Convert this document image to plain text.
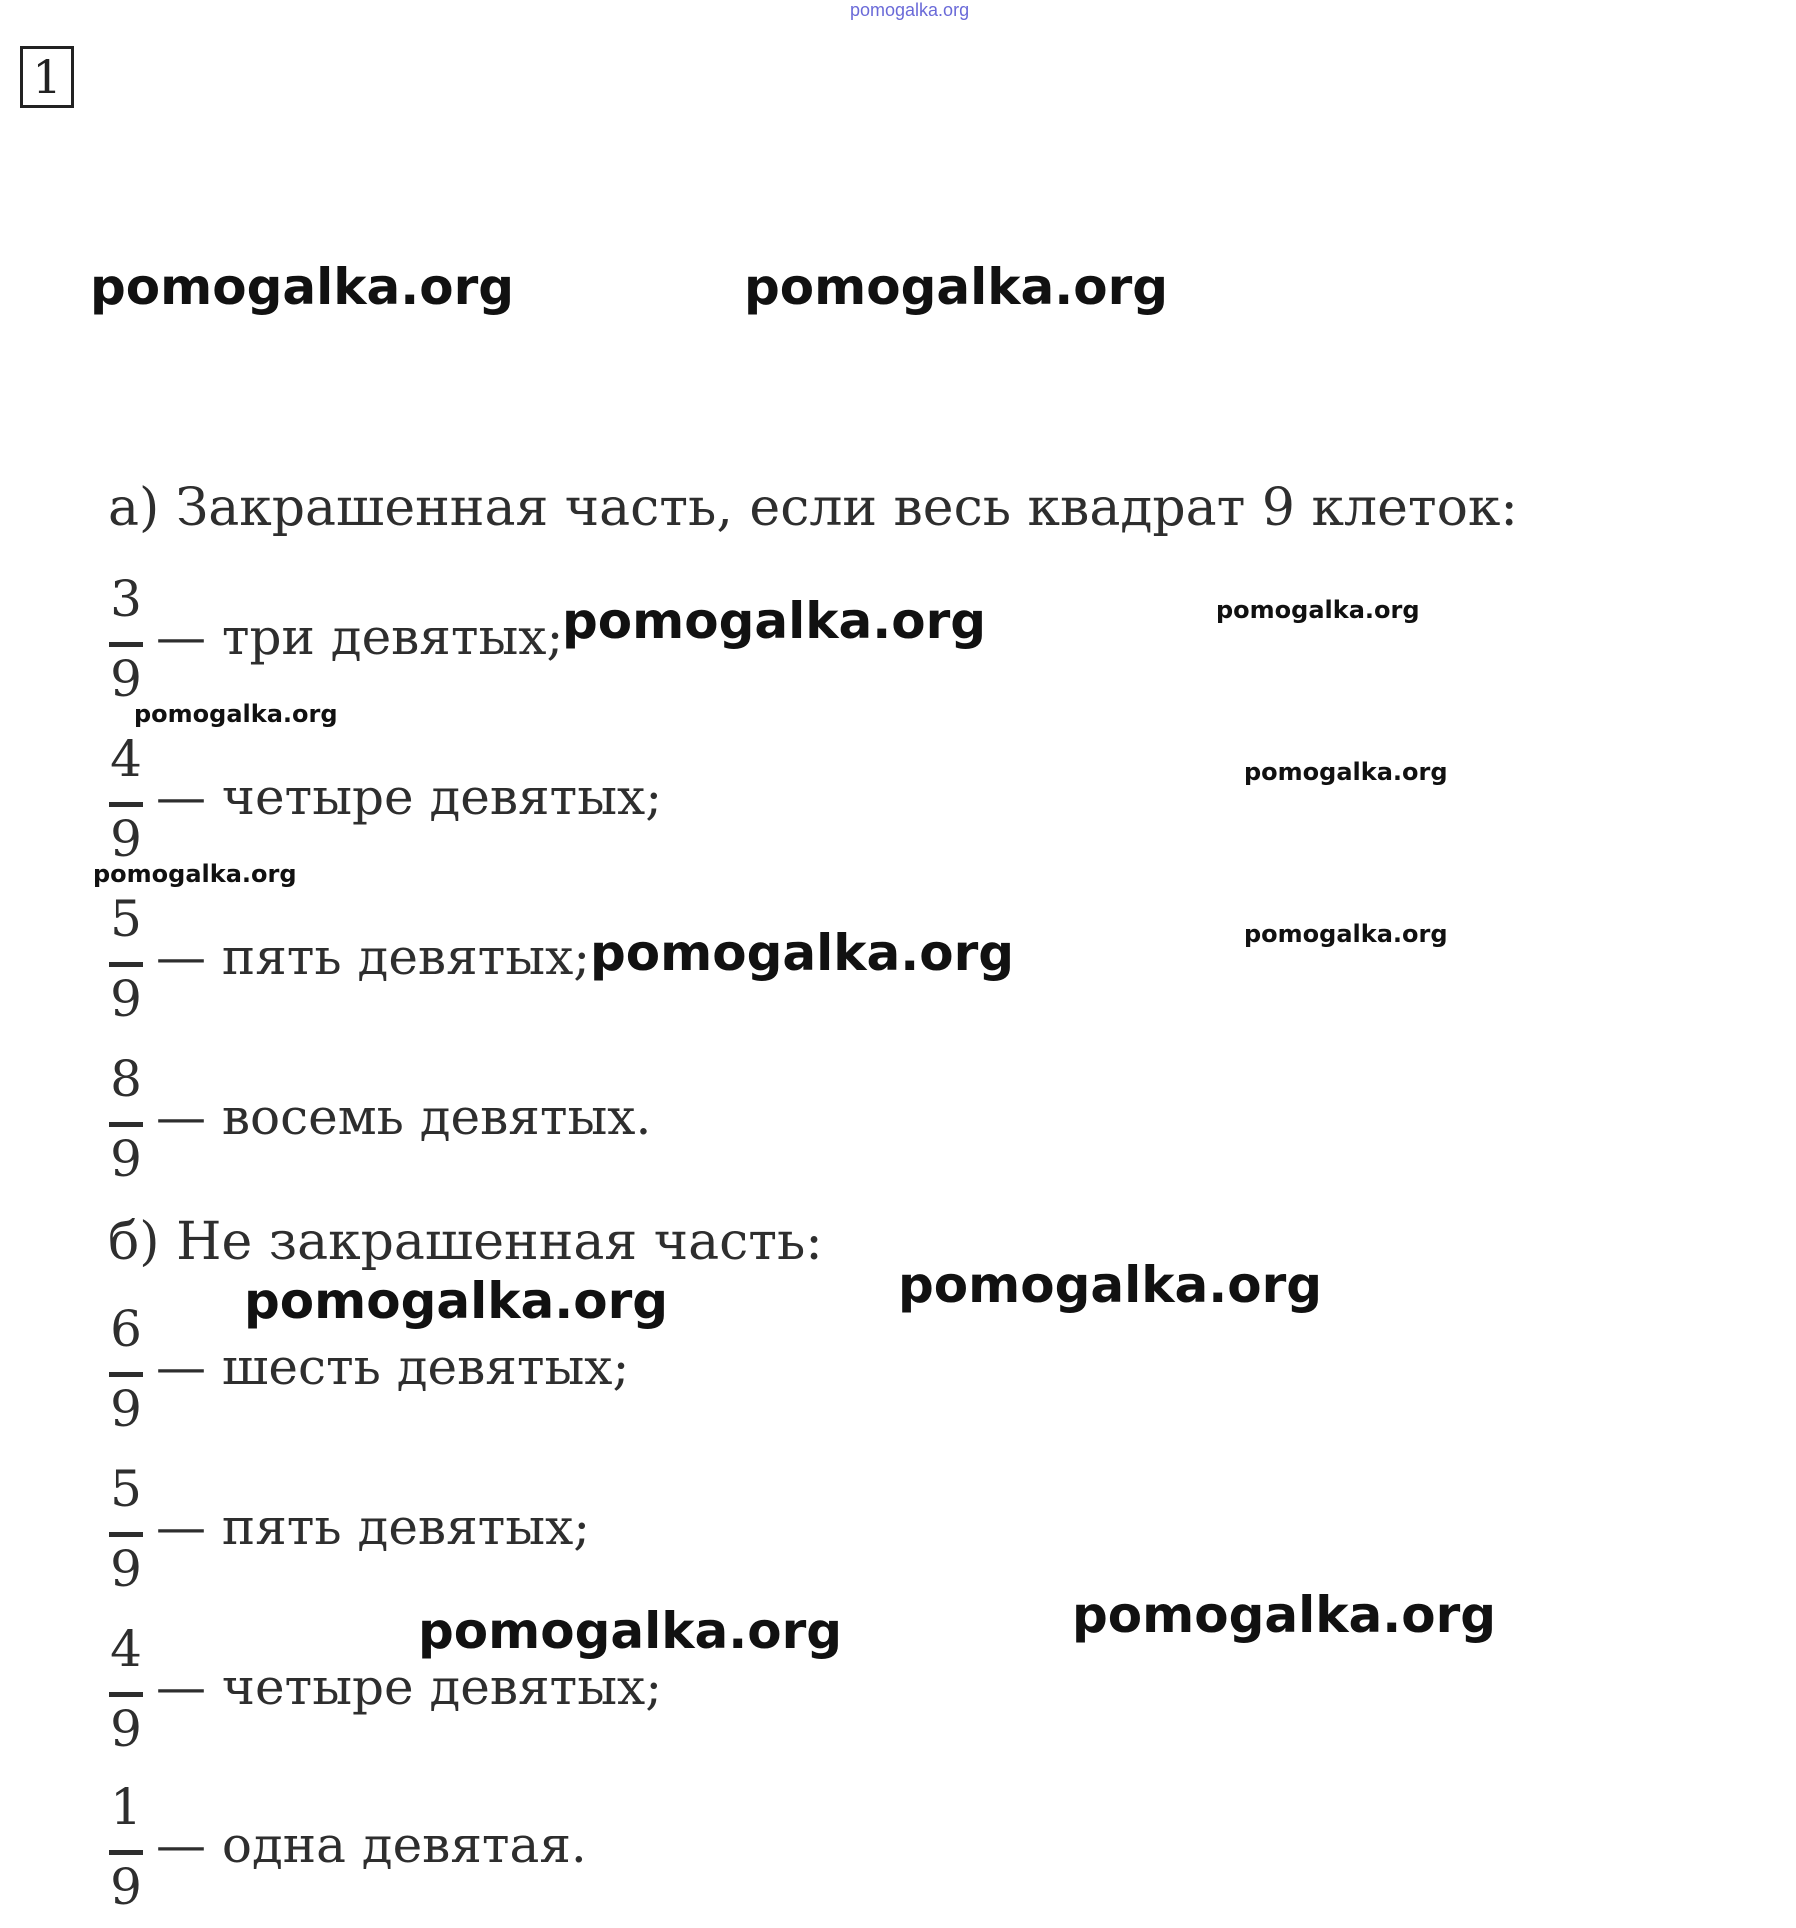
pomogalka.org
1
а) Закрашенная часть, если весь квадрат 9 клеток:
3
9
— три девятых;
4
9
— четыре девятых;
5
9
— пять девятых;
8
9
— восемь девятых.
б) Не закрашенная часть:
6
9
— шесть девятых;
5
9
— пять девятых;
4
9
— четыре девятых;
1
9
— одна девятая.
pomogalka.org	pomogalka.org
pomogalka.org	pomogalka.org
pomogalka.org
pomogalka.org
pomogalka.org
pomogalka.org
pomogalka.org
pomogalka.org
pomogalka.org
pomogalka.org
pomogalka.org
